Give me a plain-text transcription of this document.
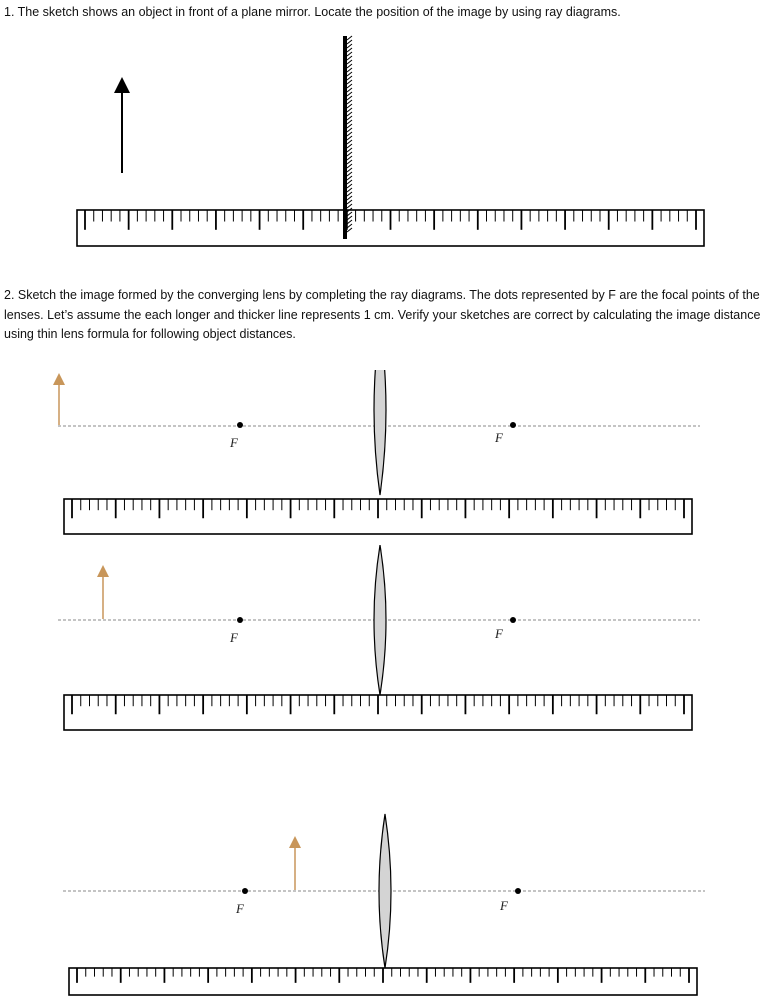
1. The sketch shows an object in front of a plane mirror. Locate the position of the image by using ray diagrams.
2. Sketch the image formed by the converging lens by completing the ray diagrams. The dots represented by F are the focal points of the lenses. Let’s assume the each longer and thicker line represents 1 cm. Verify your sketches are correct by calculating the image distance using thin lens formula for following object distances.
F	F
F	F
F	F
